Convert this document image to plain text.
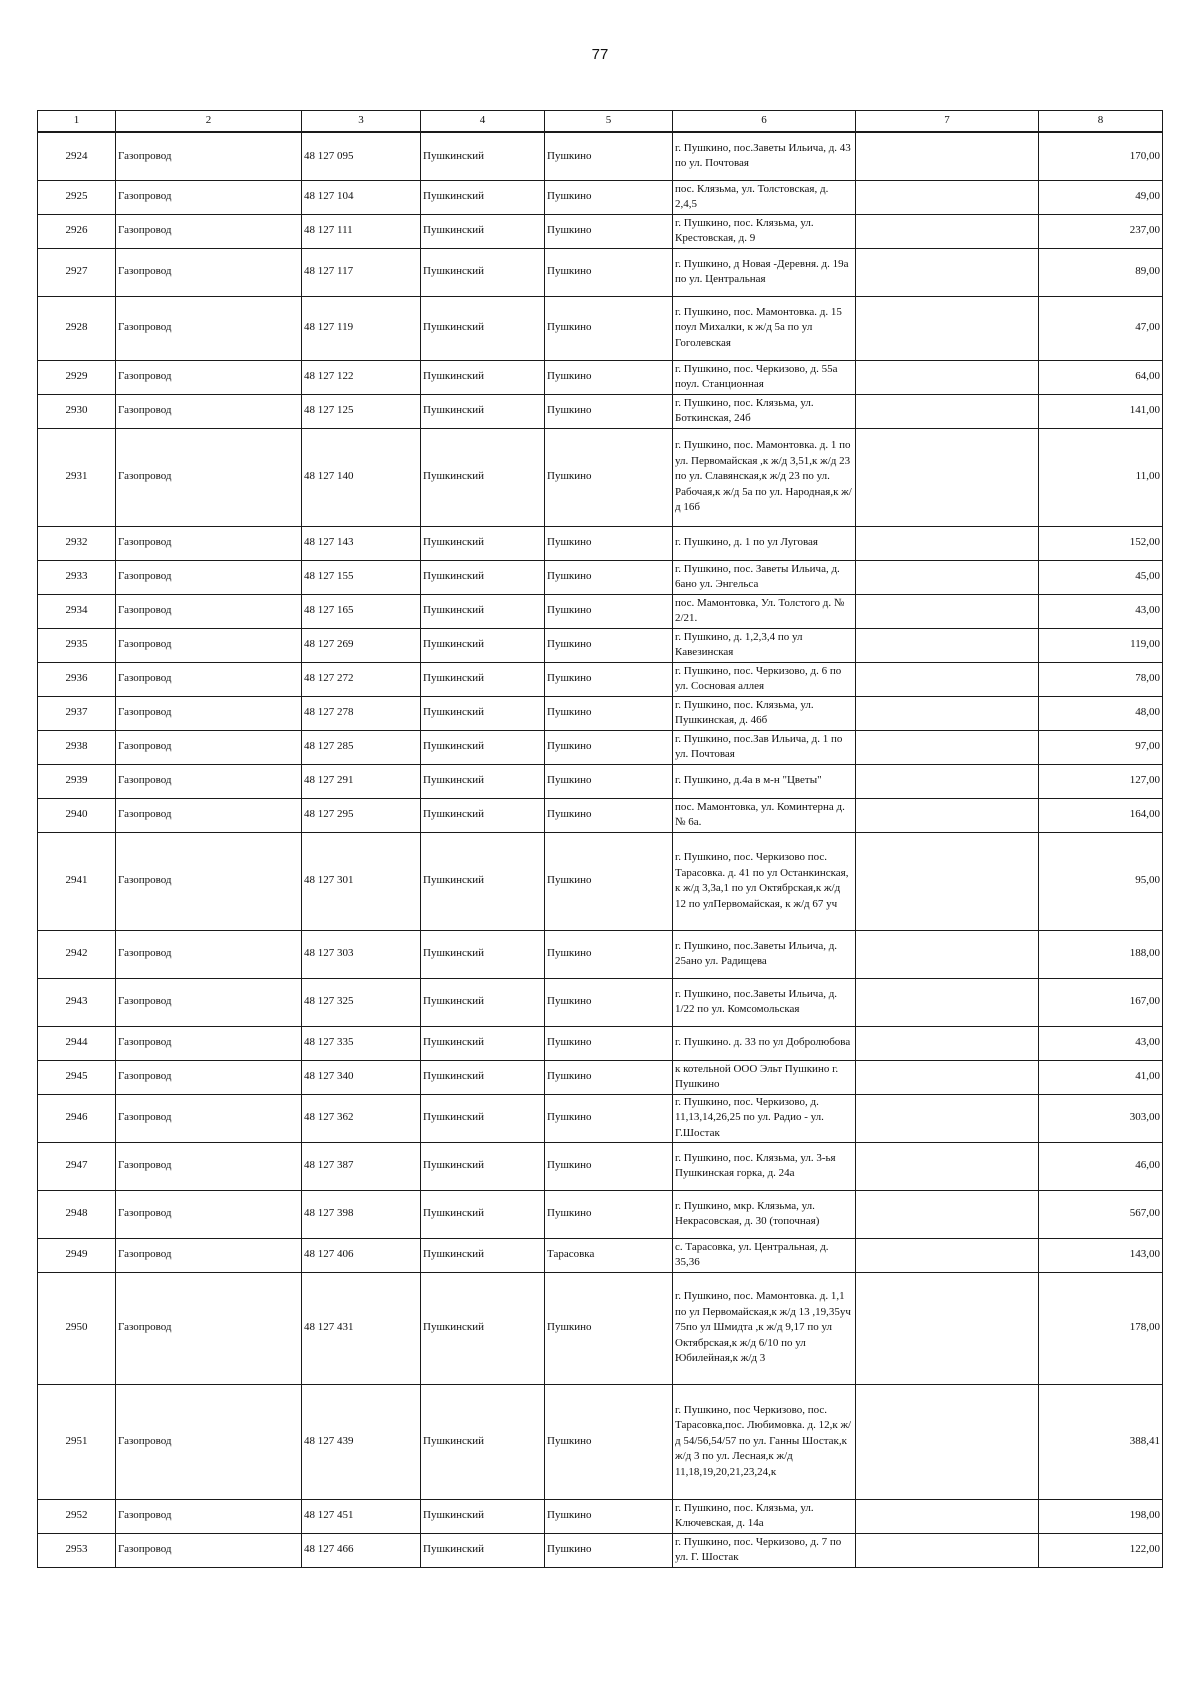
77
1	2	3	4	5	6	7	8
2924	Газопровод	48 127 095	Пушкинский	Пушкино	г. Пушкино, пос.Заветы Ильича, д. 43 по ул. Почтовая		170,00
2925	Газопровод	48 127 104	Пушкинский	Пушкино	пос. Клязьма, ул. Толстовская, д. 2,4,5		49,00
2926	Газопровод	48 127 111	Пушкинский	Пушкино	г. Пушкино, пос. Клязьма, ул. Крестовская, д. 9		237,00
2927	Газопровод	48 127 117	Пушкинский	Пушкино	г. Пушкино, д Новая -Деревня. д. 19а по ул. Центральная		89,00
2928	Газопровод	48 127 119	Пушкинский	Пушкино	г. Пушкино, пос. Мамонтовка. д. 15 поул Михалки, к ж/д 5а по ул Гоголевская		47,00
2929	Газопровод	48 127 122	Пушкинский	Пушкино	г. Пушкино, пос. Черкизово, д. 55а поул. Станционная		64,00
2930	Газопровод	48 127 125	Пушкинский	Пушкино	г. Пушкино, пос. Клязьма, ул. Боткинская, 24б		141,00
2931	Газопровод	48 127 140	Пушкинский	Пушкино	г. Пушкино, пос. Мамонтовка. д. 1 по ул. Первомайская ,к ж/д 3,51,к ж/д 23 по ул. Славянская,к ж/д 23 по ул. Рабочая,к ж/д 5а по ул. Народная,к ж/д 16б		11,00
2932	Газопровод	48 127 143	Пушкинский	Пушкино	г. Пушкино, д. 1 по ул Луговая		152,00
2933	Газопровод	48 127 155	Пушкинский	Пушкино	г. Пушкино, пос. Заветы Ильича, д. 6ано ул. Энгельса		45,00
2934	Газопровод	48 127 165	Пушкинский	Пушкино	пос. Мамонтовка, Ул. Толстого д. № 2/21.		43,00
2935	Газопровод	48 127 269	Пушкинский	Пушкино	г. Пушкино, д. 1,2,3,4 по ул Кавезинская		119,00
2936	Газопровод	48 127 272	Пушкинский	Пушкино	г. Пушкино, пос. Черкизово, д. 6 по ул. Сосновая аллея		78,00
2937	Газопровод	48 127 278	Пушкинский	Пушкино	г. Пушкино, пос. Клязьма, ул. Пушкинская, д. 46б		48,00
2938	Газопровод	48 127 285	Пушкинский	Пушкино	г. Пушкино, пос.Зав Ильича, д. 1 по ул. Почтовая		97,00
2939	Газопровод	48 127 291	Пушкинский	Пушкино	г. Пушкино, д.4а в м-н "Цветы"		127,00
2940	Газопровод	48 127 295	Пушкинский	Пушкино	пос. Мамонтовка, ул. Коминтерна д. № 6а.		164,00
2941	Газопровод	48 127 301	Пушкинский	Пушкино	г. Пушкино, пос. Черкизово пос. Тарасовка. д. 41 по ул Останкинская, к ж/д 3,3а,1 по ул Октябрская,к ж/д 12 по улПервомайская, к ж/д 67 уч		95,00
2942	Газопровод	48 127 303	Пушкинский	Пушкино	г. Пушкино, пос.Заветы Ильича, д. 25ано ул. Радищева		188,00
2943	Газопровод	48 127 325	Пушкинский	Пушкино	г. Пушкино, пос.Заветы Ильича, д. 1/22 по ул. Комсомольская		167,00
2944	Газопровод	48 127 335	Пушкинский	Пушкино	г. Пушкино. д. 33 по ул Добролюбова		43,00
2945	Газопровод	48 127 340	Пушкинский	Пушкино	к котельной ООО Эльт Пушкино г. Пушкино		41,00
2946	Газопровод	48 127 362	Пушкинский	Пушкино	г. Пушкино, пос. Черкизово, д. 11,13,14,26,25 по ул. Радио - ул. Г.Шостак		303,00
2947	Газопровод	48 127 387	Пушкинский	Пушкино	г. Пушкино, пос. Клязьма, ул. 3-ья Пушкинская горка, д. 24а		46,00
2948	Газопровод	48 127 398	Пушкинский	Пушкино	г. Пушкино, мкр. Клязьма, ул. Некрасовская, д. 30 (топочная)		567,00
2949	Газопровод	48 127 406	Пушкинский	Тарасовка	с. Тарасовка, ул. Центральная, д. 35,36		143,00
2950	Газопровод	48 127 431	Пушкинский	Пушкино	г. Пушкино, пос. Мамонтовка. д. 1,1 по ул Первомайская,к ж/д 13 ,19,35уч 75по ул Шмидта ,к ж/д 9,17 по ул Октябрская,к ж/д 6/10 по ул Юбилейная,к ж/д 3		178,00
2951	Газопровод	48 127 439	Пушкинский	Пушкино	г. Пушкино, пос Черкизово, пос. Тарасовка,пос. Любимовка. д. 12,к ж/д 54/56,54/57 по ул. Ганны Шостак,к ж/д 3 по ул. Лесная,к ж/д 11,18,19,20,21,23,24,к		388,41
2952	Газопровод	48 127 451	Пушкинский	Пушкино	г. Пушкино, пос. Клязьма, ул. Ключевская, д. 14а		198,00
2953	Газопровод	48 127 466	Пушкинский	Пушкино	г. Пушкино, пос. Черкизово, д. 7 по ул. Г. Шостак		122,00
